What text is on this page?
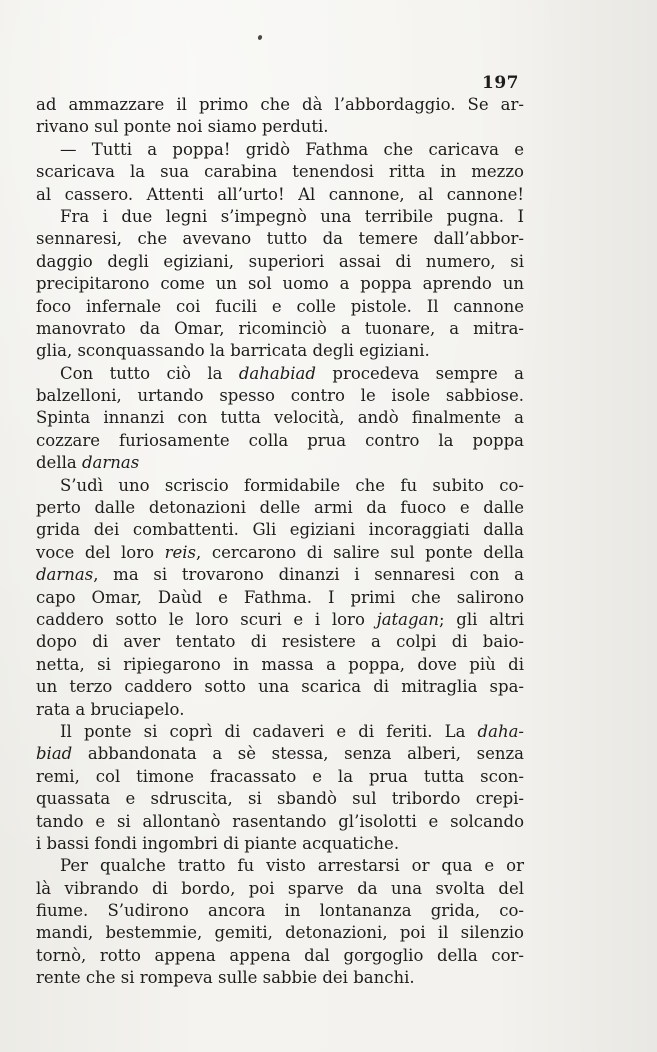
197
ad ammazzare il primo che dà l’abbordaggio. Se ar-
rivano sul ponte noi siamo perduti.
— Tutti a poppa! gridò Fathma che caricava e
scaricava la sua carabina tenendosi ritta in mezzo
al cassero. Attenti all’urto! Al cannone, al cannone!
Fra i due legni s’impegnò una terribile pugna. I
sennaresi, che avevano tutto da temere dall’abbor-
daggio degli egiziani, superiori assai di numero, si
precipitarono come un sol uomo a poppa aprendo un
foco infernale coi fucili e colle pistole. Il cannone
manovrato da Omar, ricominciò a tuonare, a mitra-
glia, sconquassando la barricata degli egiziani.
Con tutto ciò la dahabiad procedeva sempre a
balzelloni, urtando spesso contro le isole sabbiose.
Spinta innanzi con tutta velocità, andò finalmente a
cozzare furiosamente colla prua contro la poppa
della darnas
S’udì uno scriscio formidabile che fu subito co-
perto dalle detonazioni delle armi da fuoco e dalle
grida dei combattenti. Gli egiziani incoraggiati dalla
voce del loro reis, cercarono di salire sul ponte della
darnas, ma si trovarono dinanzi i sennaresi con a
capo Omar, Daùd e Fathma. I primi che salirono
caddero sotto le loro scuri e i loro jatagan; gli altri
dopo di aver tentato di resistere a colpi di baio-
netta, si ripiegarono in massa a poppa, dove più di
un terzo caddero sotto una scarica di mitraglia spa-
rata a bruciapelo.
Il ponte si coprì di cadaveri e di feriti. La daha-
biad abbandonata a sè stessa, senza alberi, senza
remi, col timone fracassato e la prua tutta scon-
quassata e sdruscita, si sbandò sul tribordo crepi-
tando e si allontanò rasentando gl’isolotti e solcando
i bassi fondi ingombri di piante acquatiche.
Per qualche tratto fu visto arrestarsi or qua e or
là vibrando di bordo, poi sparve da una svolta del
fiume. S’udirono ancora in lontananza grida, co-
mandi, bestemmie, gemiti, detonazioni, poi il silenzio
tornò, rotto appena appena dal gorgoglio della cor-
rente che si rompeva sulle sabbie dei banchi.
